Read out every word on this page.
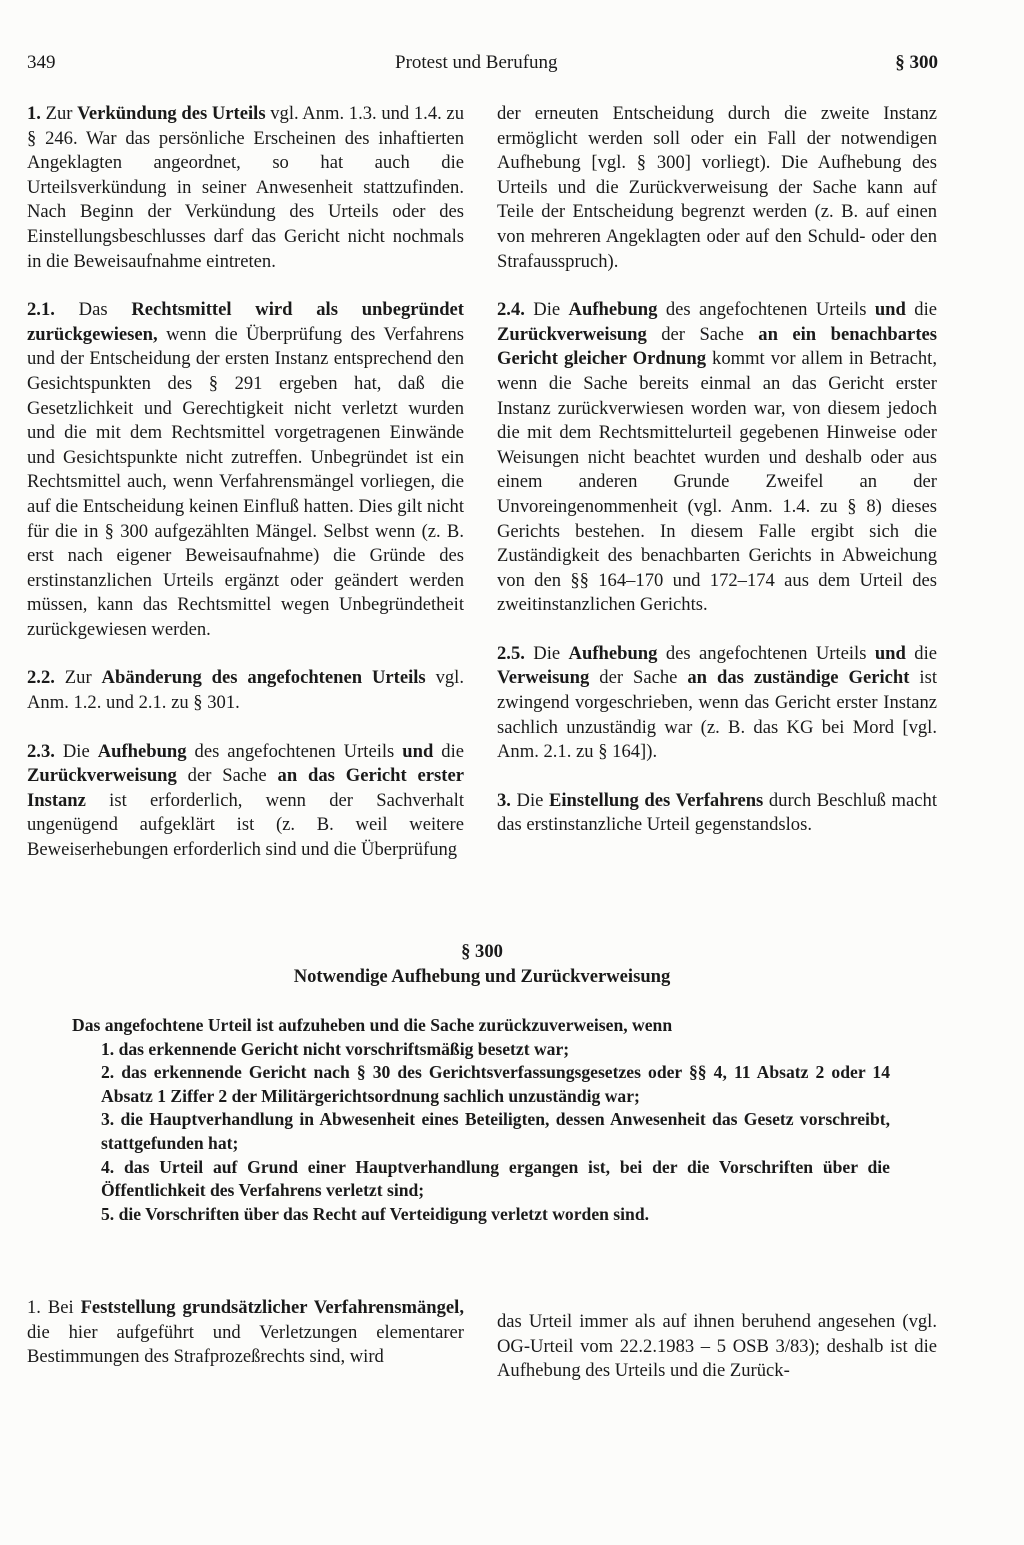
349	Protest und Berufung	§ 300

1. Zur Verkündung des Urteils vgl. Anm. 1.3. und 1.4. zu § 246. War das persönliche Erscheinen des inhaftierten Angeklagten angeordnet, so hat auch die Urteilsverkündung in seiner Anwesenheit stattzufinden. Nach Beginn der Verkündung des Urteils oder des Einstellungsbeschlusses darf das Gericht nicht nochmals in die Beweisaufnahme eintreten.

2.1. Das Rechtsmittel wird als unbegründet zurückgewiesen, wenn die Überprüfung des Verfahrens und der Entscheidung der ersten Instanz entsprechend den Gesichtspunkten des § 291 ergeben hat, daß die Gesetzlichkeit und Gerechtigkeit nicht verletzt wurden und die mit dem Rechtsmittel vorgetragenen Einwände und Gesichtspunkte nicht zutreffen. Unbegründet ist ein Rechtsmittel auch, wenn Verfahrensmängel vorliegen, die auf die Entscheidung keinen Einfluß hatten. Dies gilt nicht für die in § 300 aufgezählten Mängel. Selbst wenn (z. B. erst nach eigener Beweisaufnahme) die Gründe des erstinstanzlichen Urteils ergänzt oder geändert werden müssen, kann das Rechtsmittel wegen Unbegründetheit zurückgewiesen werden.

2.2. Zur Abänderung des angefochtenen Urteils vgl. Anm. 1.2. und 2.1. zu § 301.

2.3. Die Aufhebung des angefochtenen Urteils und die Zurückverweisung der Sache an das Gericht erster Instanz ist erforderlich, wenn der Sachverhalt ungenügend aufgeklärt ist (z. B. weil weitere Beweiserhebungen erforderlich sind und die Überprüfung

der erneuten Entscheidung durch die zweite Instanz ermöglicht werden soll oder ein Fall der notwendigen Aufhebung [vgl. § 300] vorliegt). Die Aufhebung des Urteils und die Zurückverweisung der Sache kann auf Teile der Entscheidung begrenzt werden (z. B. auf einen von mehreren Angeklagten oder auf den Schuld- oder den Strafausspruch).

2.4. Die Aufhebung des angefochtenen Urteils und die Zurückverweisung der Sache an ein benachbartes Gericht gleicher Ordnung kommt vor allem in Betracht, wenn die Sache bereits einmal an das Gericht erster Instanz zurückverwiesen worden war, von diesem jedoch die mit dem Rechtsmittelurteil gegebenen Hinweise oder Weisungen nicht beachtet wurden und deshalb oder aus einem anderen Grunde Zweifel an der Unvoreingenommenheit (vgl. Anm. 1.4. zu § 8) dieses Gerichts bestehen. In diesem Falle ergibt sich die Zuständigkeit des benachbarten Gerichts in Abweichung von den §§ 164–170 und 172–174 aus dem Urteil des zweitinstanzlichen Gerichts.

2.5. Die Aufhebung des angefochtenen Urteils und die Verweisung der Sache an das zuständige Gericht ist zwingend vorgeschrieben, wenn das Gericht erster Instanz sachlich unzuständig war (z. B. das KG bei Mord [vgl. Anm. 2.1. zu § 164]).

3. Die Einstellung des Verfahrens durch Beschluß macht das erstinstanzliche Urteil gegenstandslos.

§ 300
Notwendige Aufhebung und Zurückverweisung

Das angefochtene Urteil ist aufzuheben und die Sache zurückzuverweisen, wenn

1. das erkennende Gericht nicht vorschriftsmäßig besetzt war;

2. das erkennende Gericht nach § 30 des Gerichtsverfassungsgesetzes oder §§ 4, 11 Absatz 2 oder 14 Absatz 1 Ziffer 2 der Militärgerichtsordnung sachlich unzuständig war;

3. die Hauptverhandlung in Abwesenheit eines Beteiligten, dessen Anwesenheit das Gesetz vorschreibt, stattgefunden hat;

4. das Urteil auf Grund einer Hauptverhandlung ergangen ist, bei der die Vorschriften über die Öffentlichkeit des Verfahrens verletzt sind;

5. die Vorschriften über das Recht auf Verteidigung verletzt worden sind.

1. Bei Feststellung grundsätzlicher Verfahrensmängel, die hier aufgeführt und Verletzungen elementarer Bestimmungen des Strafprozeßrechts sind, wird

das Urteil immer als auf ihnen beruhend angesehen (vgl. OG-Urteil vom 22.2.1983 – 5 OSB 3/83); deshalb ist die Aufhebung des Urteils und die Zurück-
